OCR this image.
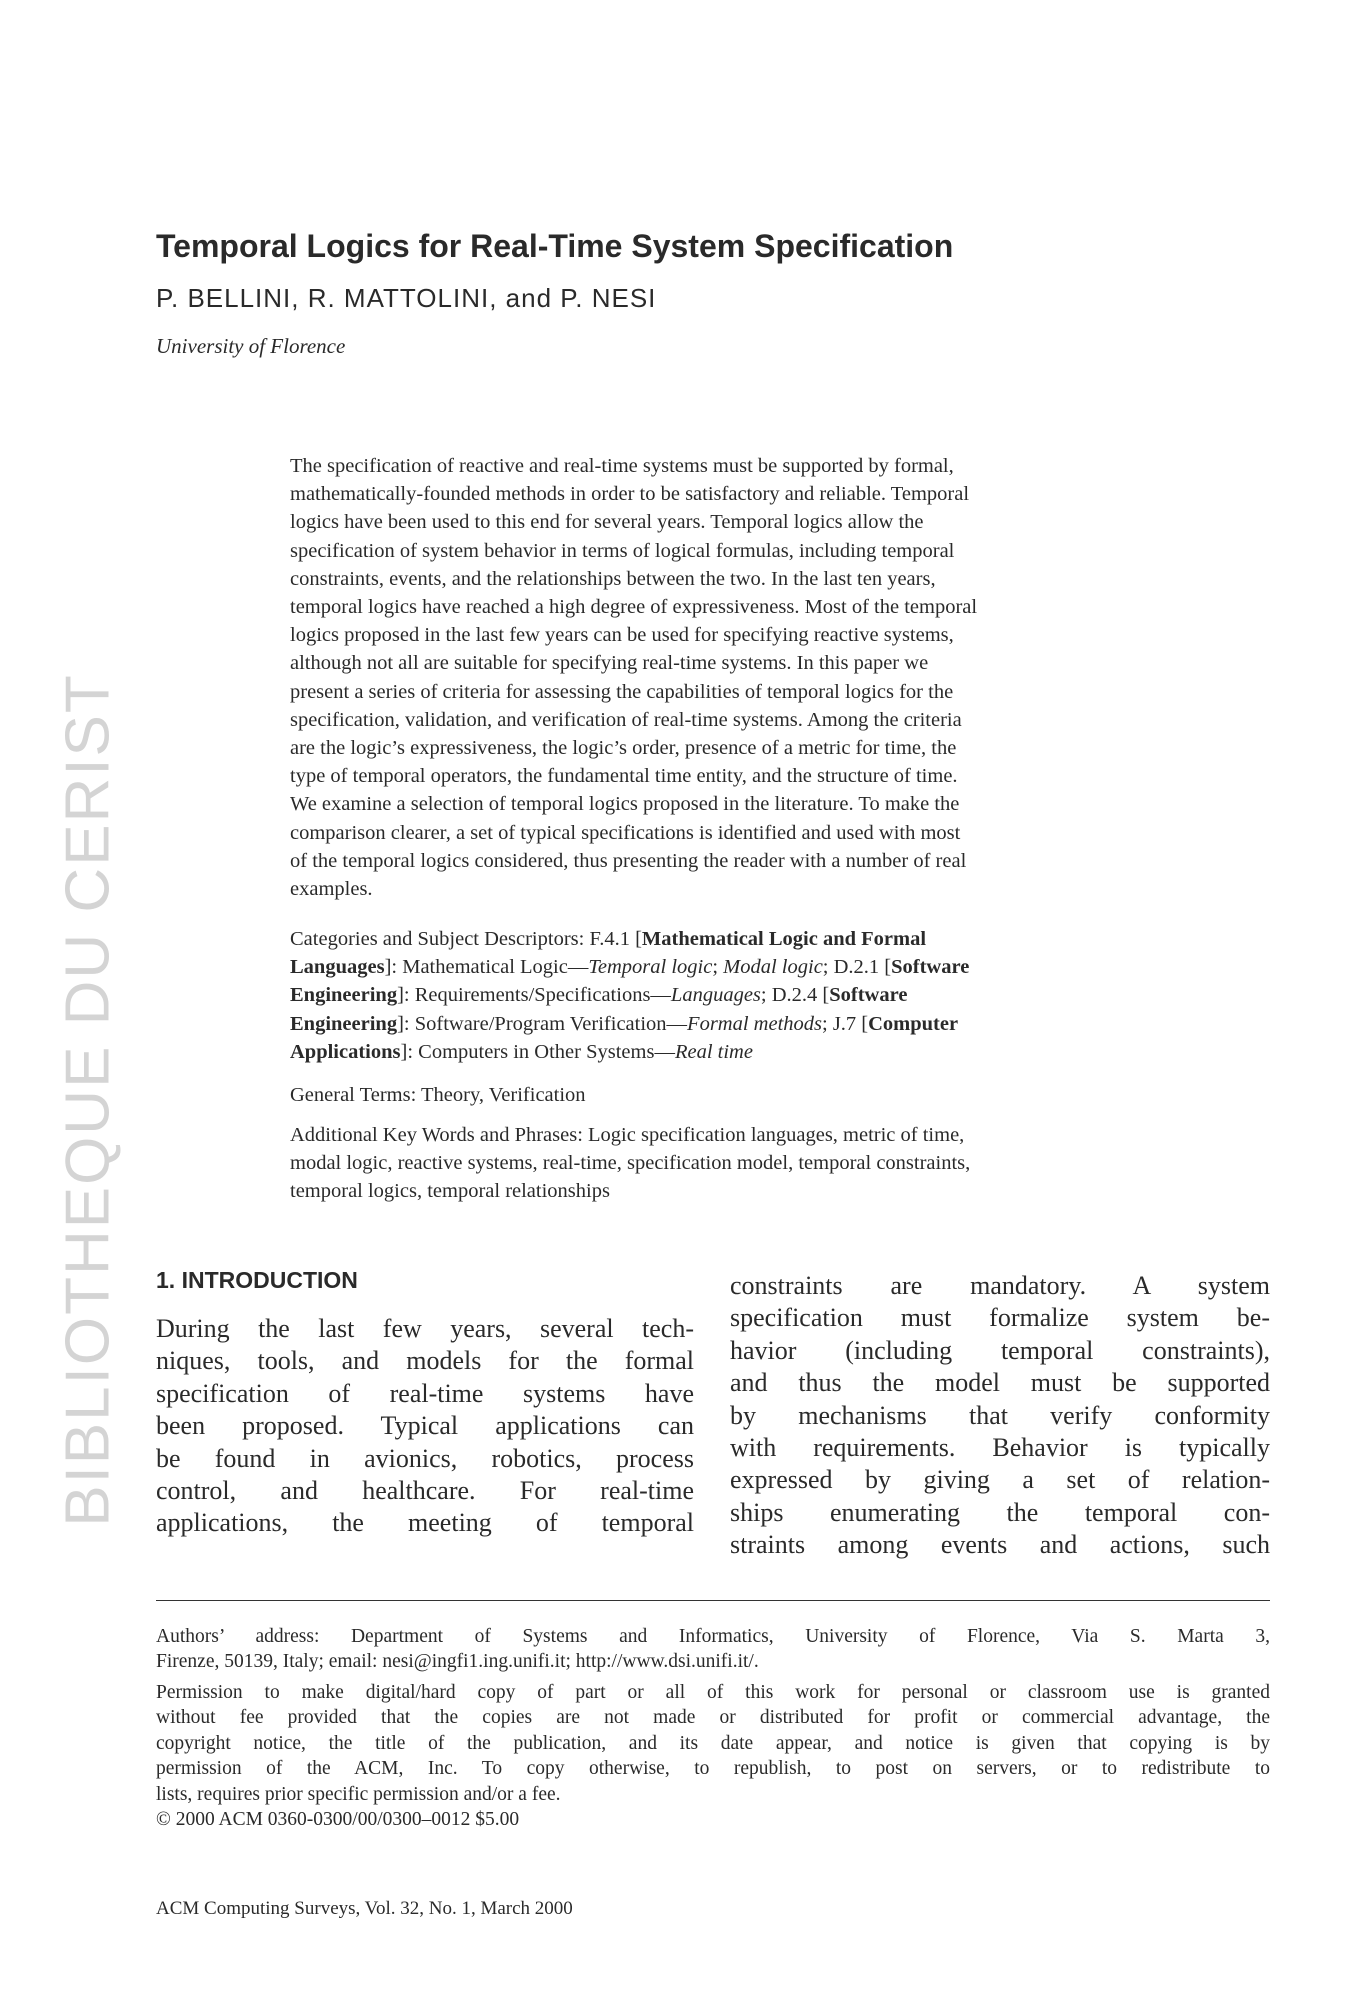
BIBLIOTHEQUE DU CERIST
Temporal Logics for Real-Time System Specification
P. BELLINI, R. MATTOLINI, and P. NESI
University of Florence
The specification of reactive and real-time systems must be supported by formal,
mathematically-founded methods in order to be satisfactory and reliable. Temporal
logics have been used to this end for several years. Temporal logics allow the
specification of system behavior in terms of logical formulas, including temporal
constraints, events, and the relationships between the two. In the last ten years,
temporal logics have reached a high degree of expressiveness. Most of the temporal
logics proposed in the last few years can be used for specifying reactive systems,
although not all are suitable for specifying real-time systems. In this paper we
present a series of criteria for assessing the capabilities of temporal logics for the
specification, validation, and verification of real-time systems. Among the criteria
are the logic’s expressiveness, the logic’s order, presence of a metric for time, the
type of temporal operators, the fundamental time entity, and the structure of time.
We examine a selection of temporal logics proposed in the literature. To make the
comparison clearer, a set of typical specifications is identified and used with most
of the temporal logics considered, thus presenting the reader with a number of real
examples.
Categories and Subject Descriptors: F.4.1 [Mathematical Logic and Formal
Languages]: Mathematical Logic—Temporal logic; Modal logic; D.2.1 [Software
Engineering]: Requirements/Specifications—Languages; D.2.4 [Software
Engineering]: Software/Program Verification—Formal methods; J.7 [Computer
Applications]: Computers in Other Systems—Real time
General Terms: Theory, Verification
Additional Key Words and Phrases: Logic specification languages, metric of time,
modal logic, reactive systems, real-time, specification model, temporal constraints,
temporal logics, temporal relationships
1. INTRODUCTION
During the last few years, several tech-
niques, tools, and models for the formal
specification of real-time systems have
been proposed. Typical applications can
be found in avionics, robotics, process
control, and healthcare. For real-time
applications, the meeting of temporal
constraints are mandatory. A system
specification must formalize system be-
havior (including temporal constraints),
and thus the model must be supported
by mechanisms that verify conformity
with requirements. Behavior is typically
expressed by giving a set of relation-
ships enumerating the temporal con-
straints among events and actions, such
Authors’ address: Department of Systems and Informatics, University of Florence, Via S. Marta 3,
Firenze, 50139, Italy; email: nesi@ingfi1.ing.unifi.it; http://www.dsi.unifi.it/.
Permission to make digital/hard copy of part or all of this work for personal or classroom use is granted
without fee provided that the copies are not made or distributed for profit or commercial advantage, the
copyright notice, the title of the publication, and its date appear, and notice is given that copying is by
permission of the ACM, Inc. To copy otherwise, to republish, to post on servers, or to redistribute to
lists, requires prior specific permission and/or a fee.
© 2000 ACM 0360-0300/00/0300–0012 $5.00
ACM Computing Surveys, Vol. 32, No. 1, March 2000
